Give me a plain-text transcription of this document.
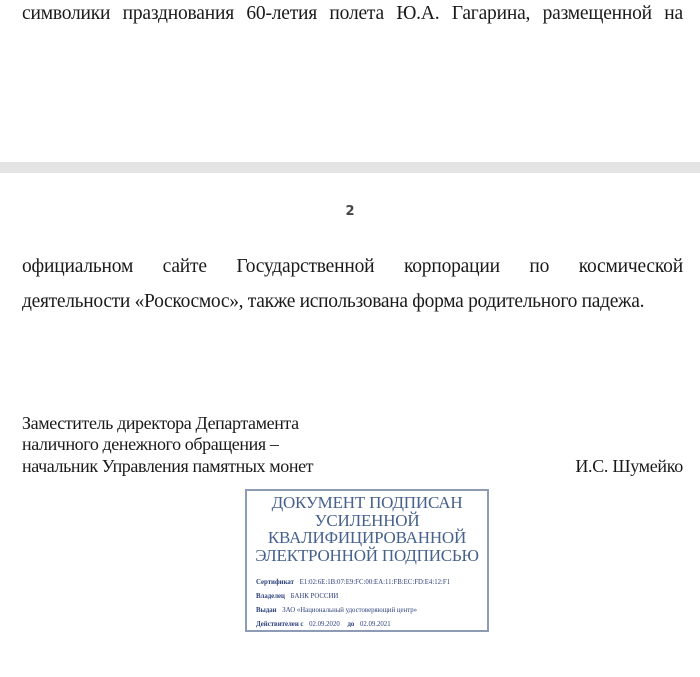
символики празднования 60-летия полета Ю.А. Гагарина, размещенной на
2
официальном сайте Государственной корпорации по космической
деятельности «Роскосмос», также использована форма родительного падежа.
Заместитель директора Департамента
наличного денежного обращения –
начальник Управления памятных монет	И.С. Шумейко
ДОКУМЕНТ ПОДПИСАН
УСИЛЕННОЙ
КВАЛИФИЦИРОВАННОЙ
ЭЛЕКТРОННОЙ ПОДПИСЬЮ
Сертификат E1:02:6E:1B:07:E9:FC:00:EA:11:FB:EC:FD:E4:12:F1
Владелец БАНК РОССИИ
Выдан ЗАО «Национальный удостоверяющий центр»
Действителен с 02.09.2020 до 02.09.2021
